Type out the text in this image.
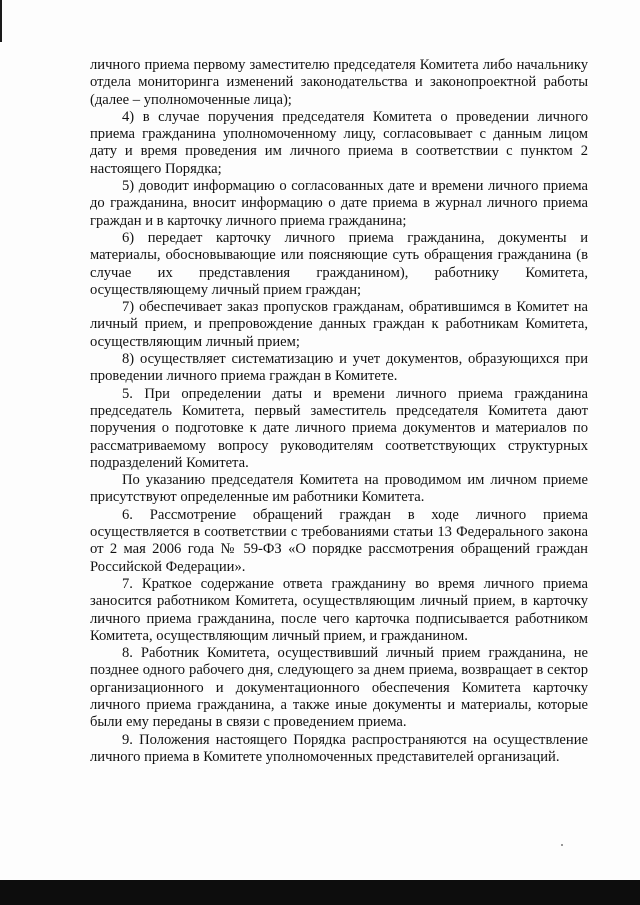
личного приема первому заместителю председателя Комитета либо начальнику отдела мониторинга изменений законодательства и законопроектной работы (далее – уполномоченные лица);

4) в случае поручения председателя Комитета о проведении личного приема гражданина уполномоченному лицу, согласовывает с данным лицом дату и время проведения им личного приема в соответствии с пунктом 2 настоящего Порядка;

5) доводит информацию о согласованных дате и времени личного приема до гражданина, вносит информацию о дате приема в журнал личного приема граждан и в карточку личного приема гражданина;

6) передает карточку личного приема гражданина, документы и материалы, обосновывающие или поясняющие суть обращения гражданина (в случае их представления гражданином), работнику Комитета, осуществляющему личный прием граждан;

7) обеспечивает заказ пропусков гражданам, обратившимся в Комитет на личный прием, и препровождение данных граждан к работникам Комитета, осуществляющим личный прием;

8) осуществляет систематизацию и учет документов, образующихся при проведении личного приема граждан в Комитете.

5. При определении даты и времени личного приема гражданина председатель Комитета, первый заместитель председателя Комитета дают поручения о подготовке к дате личного приема документов и материалов по рассматриваемому вопросу руководителям соответствующих структурных подразделений Комитета.

По указанию председателя Комитета на проводимом им личном приеме присутствуют определенные им работники Комитета.

6. Рассмотрение обращений граждан в ходе личного приема осуществляется в соответствии с требованиями статьи 13 Федерального закона от 2 мая 2006 года № 59-ФЗ «О порядке рассмотрения обращений граждан Российской Федерации».

7. Краткое содержание ответа гражданину во время личного приема заносится работником Комитета, осуществляющим личный прием, в карточку личного приема гражданина, после чего карточка подписывается работником Комитета, осуществляющим личный прием, и гражданином.

8. Работник Комитета, осуществивший личный прием гражданина, не позднее одного рабочего дня, следующего за днем приема, возвращает в сектор организационного и документационного обеспечения Комитета карточку личного приема гражданина, а также иные документы и материалы, которые были ему переданы в связи с проведением приема.

9. Положения настоящего Порядка распространяются на осуществление личного приема в Комитете уполномоченных представителей организаций.
